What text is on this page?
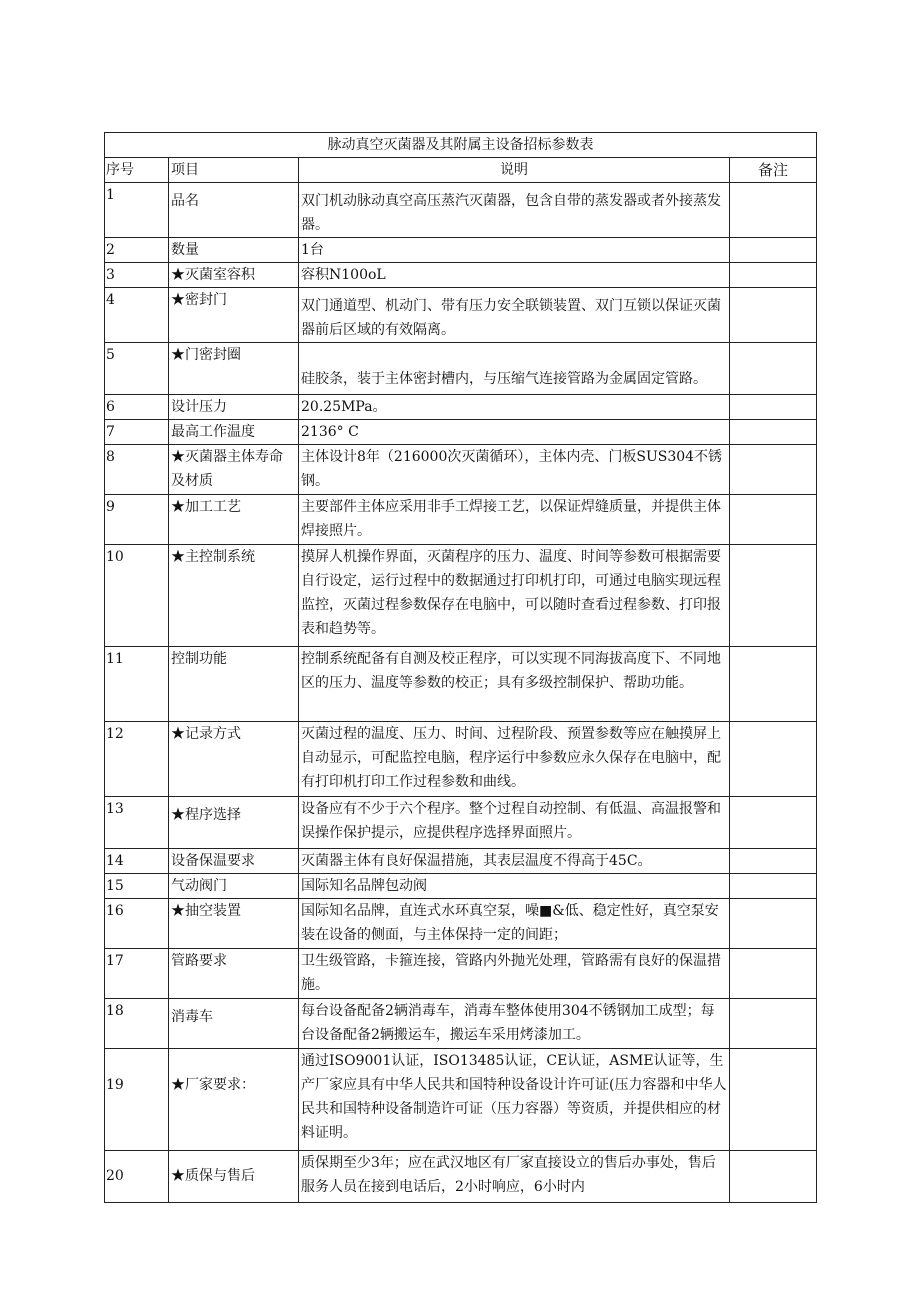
脉动真空灭菌器及其附属主设备招标参数表			
序号	项目	说明	备注
1	品名	双门机动脉动真空高压蒸汽灭菌器，包含自带的蒸发器或者外接蒸发器。	
2	数量	1台	
3	★灭菌室容积	容积N100oL	
4	★密封门	双门通道型、机动门、带有压力安全联锁装置、双门互锁以保证灭菌器前后区域的有效隔离。	
5	★门密封圈	硅胶条，装于主体密封槽内，与压缩气连接管路为金属固定管路。	
6	设计压力	20.25MPa。	
7	最高工作温度	2136° C	
8	★灭菌器主体寿命及材质	主体设计8年（216000次灭菌循环），主体内壳、门板SUS304不锈钢。	
9	★加工工艺	主要部件主体应采用非手工焊接工艺，以保证焊缝质量，并提供主体焊接照片。	
10	★主控制系统	摸屏人机操作界面，灭菌程序的压力、温度、时间等参数可根据需要自行设定，运行过程中的数据通过打印机打印，可通过电脑实现远程监控，灭菌过程参数保存在电脑中，可以随时查看过程参数、打印报表和趋势等。	
11	控制功能	控制系统配备有自测及校正程序，可以实现不同海拔高度下、不同地区的压力、温度等参数的校正；具有多级控制保护、帮助功能。	
12	★记录方式	灭菌过程的温度、压力、时间、过程阶段、预置参数等应在触摸屏上自动显示，可配监控电脑，程序运行中参数应永久保存在电脑中，配有打印机打印工作过程参数和曲线。	
13	★程序选择	设备应有不少于六个程序。整个过程自动控制、有低温、高温报警和误操作保护提示，应提供程序选择界面照片。	
14	设备保温要求	灭菌器主体有良好保温措施，其表层温度不得高于45C。	
15	气动阀门	国际知名品牌包动阀	
16	★抽空装置	国际知名品牌，直连式水环真空泵，噪■&低、稳定性好，真空泵安装在设备的侧面，与主体保持一定的间距；	
17	管路要求	卫生级管路，卡箍连接，管路内外抛光处理，管路需有良好的保温措施。	
18	消毒车	每台设备配备2辆消毒车，消毒车整体使用304不锈钢加工成型；每台设备配备2辆搬运车，搬运车采用烤漆加工。	
19	★厂家要求：	通过ISO9001认证，ISO13485认证，CE认证，ASME认证等，生产厂家应具有中华人民共和国特种设备设计许可证(压力容器和中华人民共和国特种设备制造许可证（压力容器）等资质，并提供相应的材料证明。	
20	★质保与售后	质保期至少3年；应在武汉地区有厂家直接设立的售后办事处，售后服务人员在接到电话后，2小时响应，6小时内	
